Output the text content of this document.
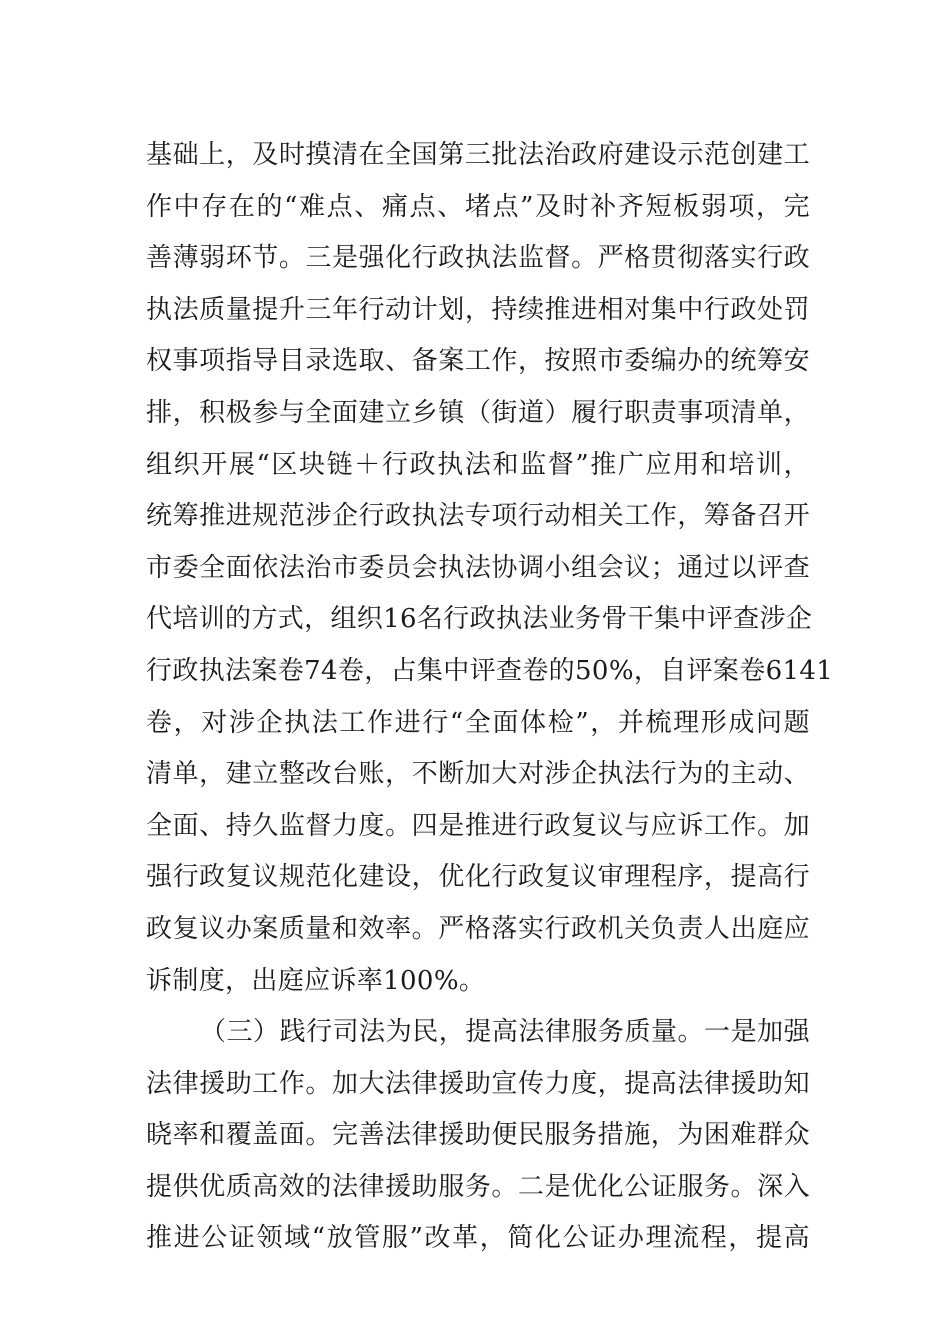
基础上，及时摸清在全国第三批法治政府建设示范创建工
作中存在的“难点、痛点、堵点”及时补齐短板弱项，完
善薄弱环节。三是强化行政执法监督。严格贯彻落实行政
执法质量提升三年行动计划，持续推进相对集中行政处罚
权事项指导目录选取、备案工作，按照市委编办的统筹安
排，积极参与全面建立乡镇（街道）履行职责事项清单，
组织开展“区块链＋行政执法和监督”推广应用和培训，
统筹推进规范涉企行政执法专项行动相关工作，筹备召开
市委全面依法治市委员会执法协调小组会议；通过以评查
代培训的方式，组织16名行政执法业务骨干集中评查涉企
行政执法案卷74卷，占集中评查卷的50%，自评案卷6141
卷，对涉企执法工作进行“全面体检”，并梳理形成问题
清单，建立整改台账，不断加大对涉企执法行为的主动、
全面、持久监督力度。四是推进行政复议与应诉工作。加
强行政复议规范化建设，优化行政复议审理程序，提高行
政复议办案质量和效率。严格落实行政机关负责人出庭应
诉制度，出庭应诉率100%。
（三）践行司法为民，提高法律服务质量。一是加强
法律援助工作。加大法律援助宣传力度，提高法律援助知
晓率和覆盖面。完善法律援助便民服务措施，为困难群众
提供优质高效的法律援助服务。二是优化公证服务。深入
推进公证领域“放管服”改革，简化公证办理流程，提高
